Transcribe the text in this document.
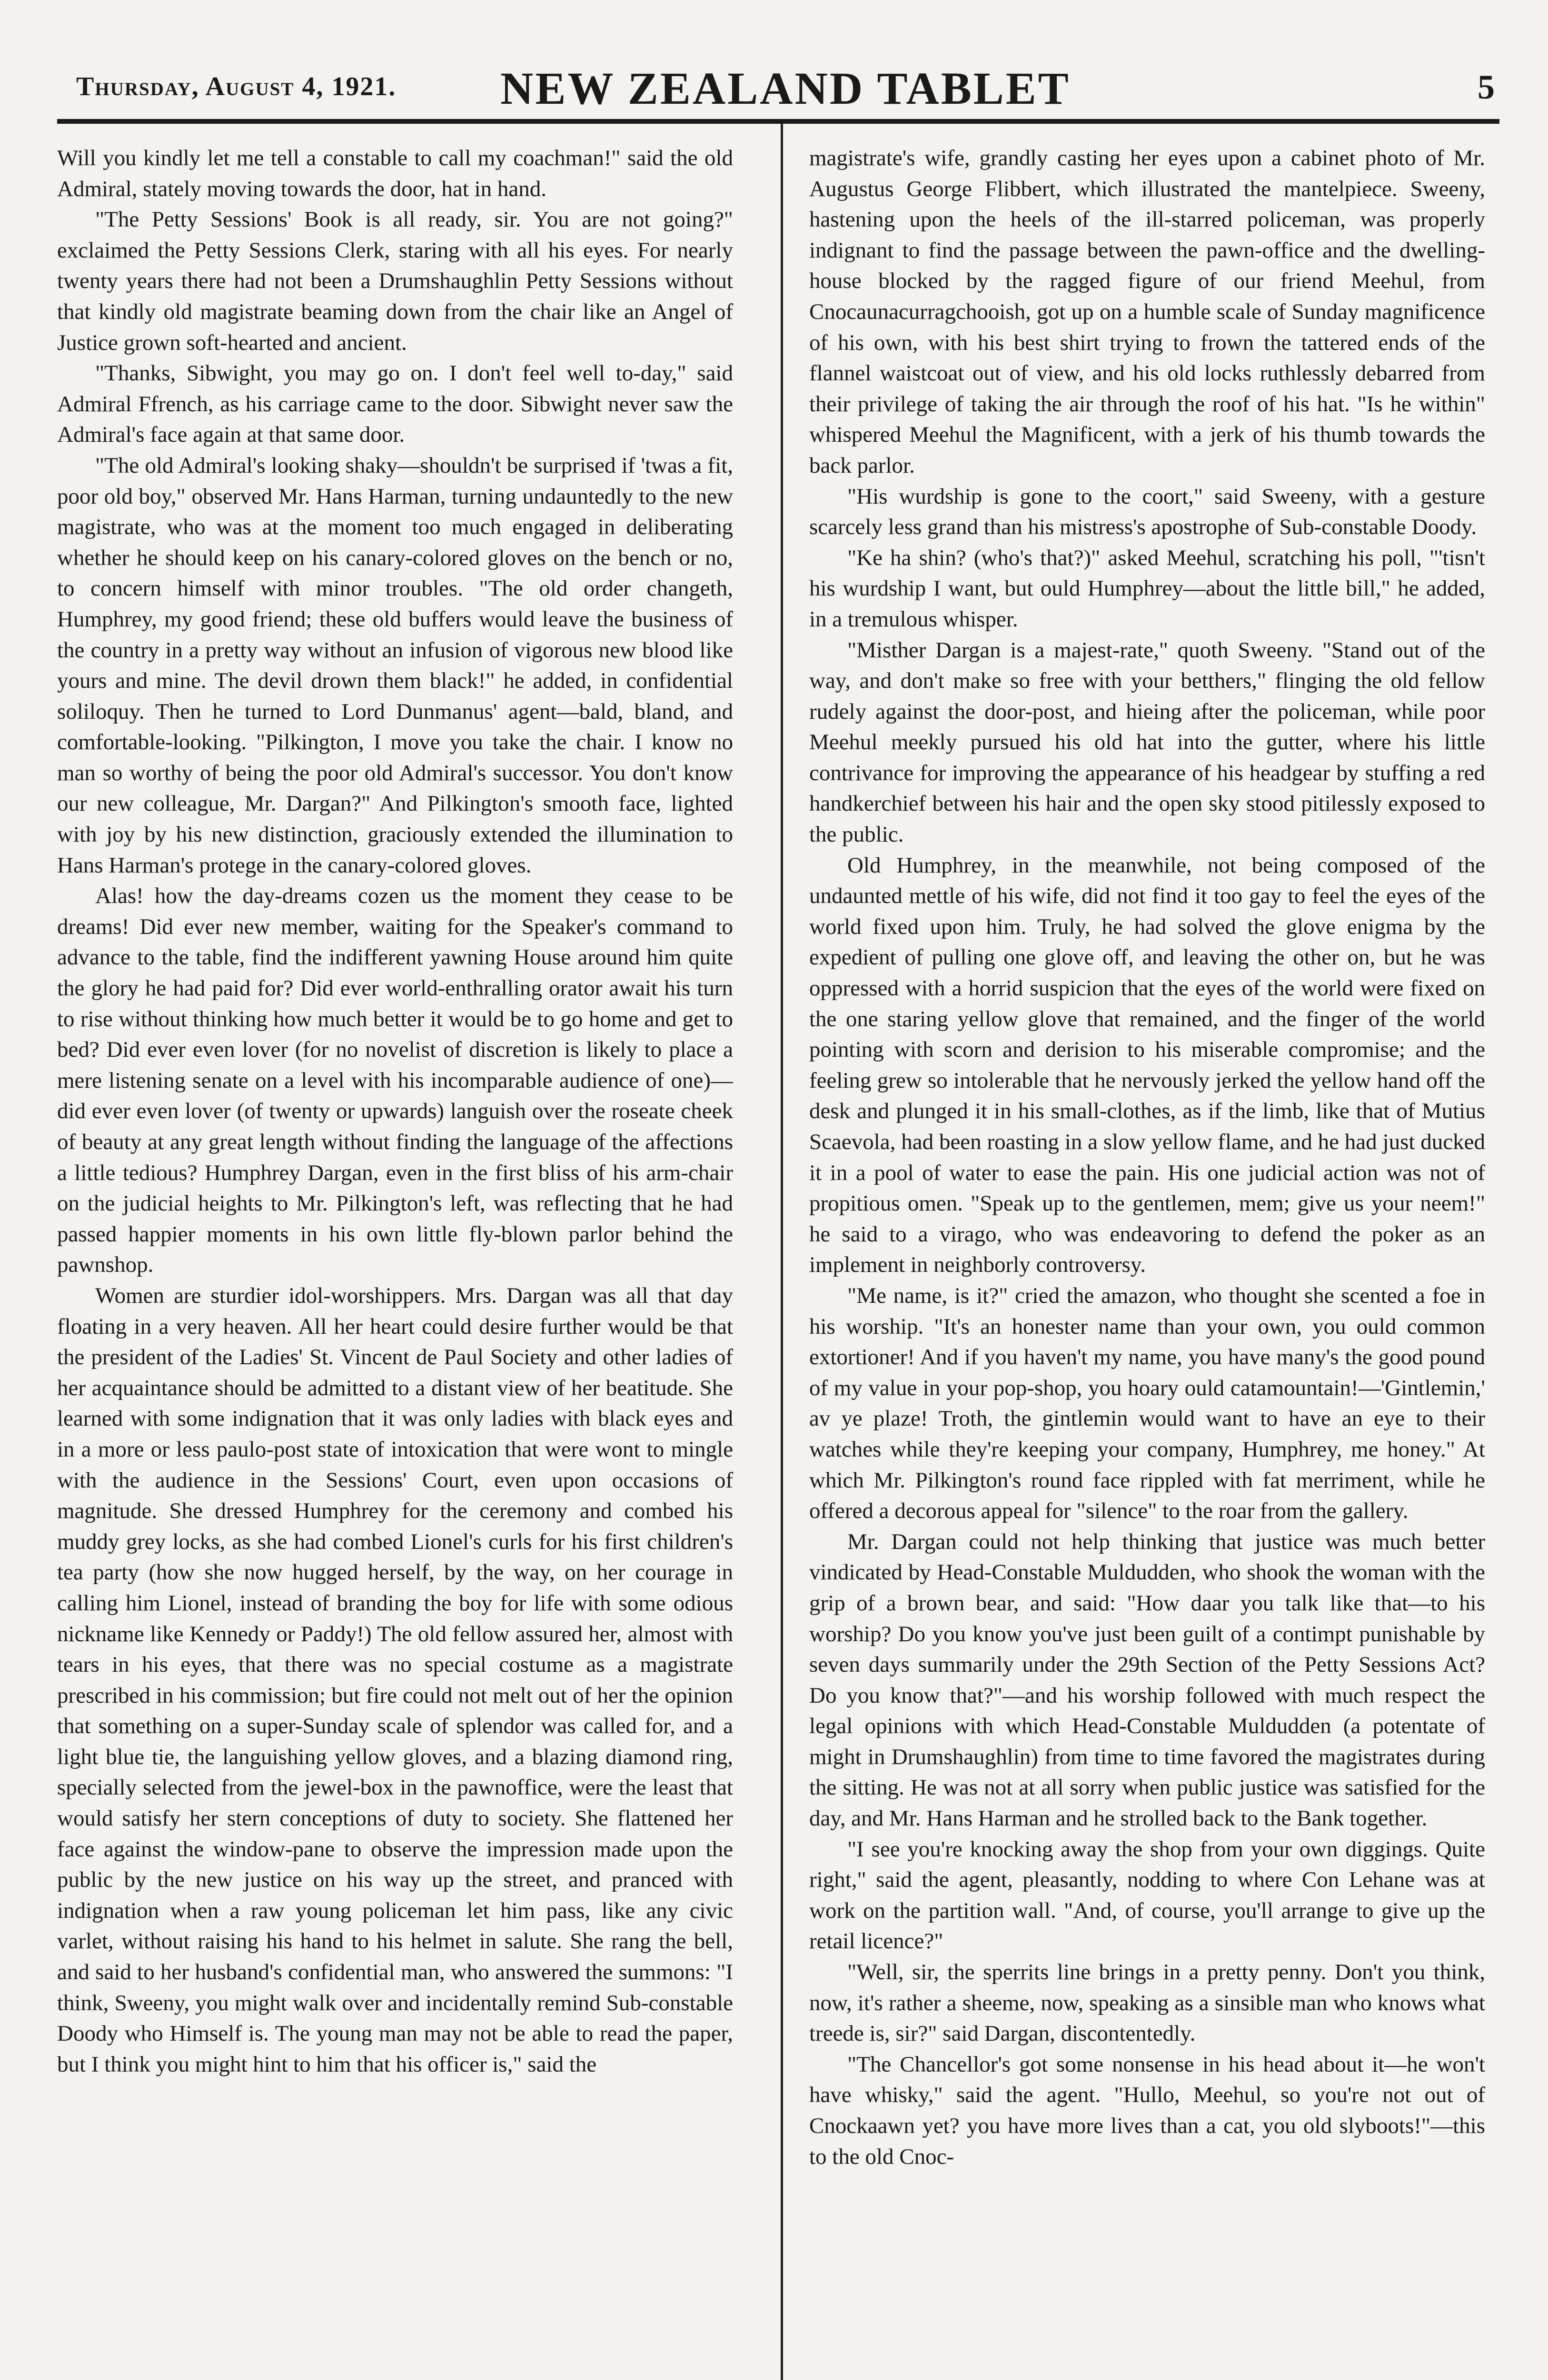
Thursday, August 4, 1921.	NEW ZEALAND TABLET	5

Will you kindly let me tell a constable to call my coachman!" said the old Admiral, stately moving towards the door, hat in hand.

"The Petty Sessions' Book is all ready, sir. You are not going?" exclaimed the Petty Sessions Clerk, staring with all his eyes. For nearly twenty years there had not been a Drumshaughlin Petty Sessions without that kindly old magistrate beaming down from the chair like an Angel of Justice grown soft-hearted and ancient.

"Thanks, Sibwight, you may go on. I don't feel well to-day," said Admiral Ffrench, as his carriage came to the door. Sibwight never saw the Admiral's face again at that same door.

"The old Admiral's looking shaky—shouldn't be surprised if 'twas a fit, poor old boy," observed Mr. Hans Harman, turning undauntedly to the new magistrate, who was at the moment too much engaged in deliberating whether he should keep on his canary-colored gloves on the bench or no, to concern himself with minor troubles. "The old order changeth, Humphrey, my good friend; these old buffers would leave the business of the country in a pretty way without an infusion of vigorous new blood like yours and mine. The devil drown them black!" he added, in confidential soliloquy. Then he turned to Lord Dunmanus' agent—bald, bland, and comfortable-looking. "Pilkington, I move you take the chair. I know no man so worthy of being the poor old Admiral's successor. You don't know our new colleague, Mr. Dargan?" And Pilkington's smooth face, lighted with joy by his new distinction, graciously extended the illumination to Hans Harman's protege in the canary-colored gloves.

Alas! how the day-dreams cozen us the moment they cease to be dreams! Did ever new member, waiting for the Speaker's command to advance to the table, find the indifferent yawning House around him quite the glory he had paid for? Did ever world-enthralling orator await his turn to rise without thinking how much better it would be to go home and get to bed? Did ever even lover (for no novelist of discretion is likely to place a mere listening senate on a level with his incomparable audience of one)—did ever even lover (of twenty or upwards) languish over the roseate cheek of beauty at any great length without finding the language of the affections a little tedious? Humphrey Dargan, even in the first bliss of his arm-chair on the judicial heights to Mr. Pilkington's left, was reflecting that he had passed happier moments in his own little fly-blown parlor behind the pawnshop.

Women are sturdier idol-worshippers. Mrs. Dargan was all that day floating in a very heaven. All her heart could desire further would be that the president of the Ladies' St. Vincent de Paul Society and other ladies of her acquaintance should be admitted to a distant view of her beatitude. She learned with some indignation that it was only ladies with black eyes and in a more or less paulo-post state of intoxication that were wont to mingle with the audience in the Sessions' Court, even upon occasions of magnitude. She dressed Humphrey for the ceremony and combed his muddy grey locks, as she had combed Lionel's curls for his first children's tea party (how she now hugged herself, by the way, on her courage in calling him Lionel, instead of branding the boy for life with some odious nickname like Kennedy or Paddy!) The old fellow assured her, almost with tears in his eyes, that there was no special costume as a magistrate prescribed in his commission; but fire could not melt out of her the opinion that something on a super-Sunday scale of splendor was called for, and a light blue tie, the languishing yellow gloves, and a blazing diamond ring, specially selected from the jewel-box in the pawnoffice, were the least that would satisfy her stern conceptions of duty to society. She flattened her face against the window-pane to observe the impression made upon the public by the new justice on his way up the street, and pranced with indignation when a raw young policeman let him pass, like any civic varlet, without raising his hand to his helmet in salute. She rang the bell, and said to her husband's confidential man, who answered the summons: "I think, Sweeny, you might walk over and incidentally remind Sub-constable Doody who Himself is. The young man may not be able to read the paper, but I think you might hint to him that his officer is," said the

magistrate's wife, grandly casting her eyes upon a cabinet photo of Mr. Augustus George Flibbert, which illustrated the mantelpiece. Sweeny, hastening upon the heels of the ill-starred policeman, was properly indignant to find the passage between the pawn-office and the dwelling-house blocked by the ragged figure of our friend Meehul, from Cnocaunacurragchooish, got up on a humble scale of Sunday magnificence of his own, with his best shirt trying to frown the tattered ends of the flannel waistcoat out of view, and his old locks ruthlessly debarred from their privilege of taking the air through the roof of his hat. "Is he within" whispered Meehul the Magnificent, with a jerk of his thumb towards the back parlor.

"His wurdship is gone to the coort," said Sweeny, with a gesture scarcely less grand than his mistress's apostrophe of Sub-constable Doody.

"Ke ha shin? (who's that?)" asked Meehul, scratching his poll, "'tisn't his wurdship I want, but ould Humphrey—about the little bill," he added, in a tremulous whisper.

"Misther Dargan is a majest-rate," quoth Sweeny. "Stand out of the way, and don't make so free with your betthers," flinging the old fellow rudely against the door-post, and hieing after the policeman, while poor Meehul meekly pursued his old hat into the gutter, where his little contrivance for improving the appearance of his headgear by stuffing a red handkerchief between his hair and the open sky stood pitilessly exposed to the public.

Old Humphrey, in the meanwhile, not being composed of the undaunted mettle of his wife, did not find it too gay to feel the eyes of the world fixed upon him. Truly, he had solved the glove enigma by the expedient of pulling one glove off, and leaving the other on, but he was oppressed with a horrid suspicion that the eyes of the world were fixed on the one staring yellow glove that remained, and the finger of the world pointing with scorn and derision to his miserable compromise; and the feeling grew so intolerable that he nervously jerked the yellow hand off the desk and plunged it in his small-clothes, as if the limb, like that of Mutius Scaevola, had been roasting in a slow yellow flame, and he had just ducked it in a pool of water to ease the pain. His one judicial action was not of propitious omen. "Speak up to the gentlemen, mem; give us your neem!" he said to a virago, who was endeavoring to defend the poker as an implement in neighborly controversy.

"Me name, is it?" cried the amazon, who thought she scented a foe in his worship. "It's an honester name than your own, you ould common extortioner! And if you haven't my name, you have many's the good pound of my value in your pop-shop, you hoary ould catamountain!—'Gintlemin,' av ye plaze! Troth, the gintlemin would want to have an eye to their watches while they're keeping your company, Humphrey, me honey." At which Mr. Pilkington's round face rippled with fat merriment, while he offered a decorous appeal for "silence" to the roar from the gallery.

Mr. Dargan could not help thinking that justice was much better vindicated by Head-Constable Muldudden, who shook the woman with the grip of a brown bear, and said: "How daar you talk like that—to his worship? Do you know you've just been guilt of a contimpt punishable by seven days summarily under the 29th Section of the Petty Sessions Act? Do you know that?"—and his worship followed with much respect the legal opinions with which Head-Constable Muldudden (a potentate of might in Drumshaughlin) from time to time favored the magistrates during the sitting. He was not at all sorry when public justice was satisfied for the day, and Mr. Hans Harman and he strolled back to the Bank together.

"I see you're knocking away the shop from your own diggings. Quite right," said the agent, pleasantly, nodding to where Con Lehane was at work on the partition wall. "And, of course, you'll arrange to give up the retail licence?"

"Well, sir, the sperrits line brings in a pretty penny. Don't you think, now, it's rather a sheeme, now, speaking as a sinsible man who knows what treede is, sir?" said Dargan, discontentedly.

"The Chancellor's got some nonsense in his head about it—he won't have whisky," said the agent. "Hullo, Meehul, so you're not out of Cnockaawn yet? you have more lives than a cat, you old slyboots!"—this to the old Cnoc-
